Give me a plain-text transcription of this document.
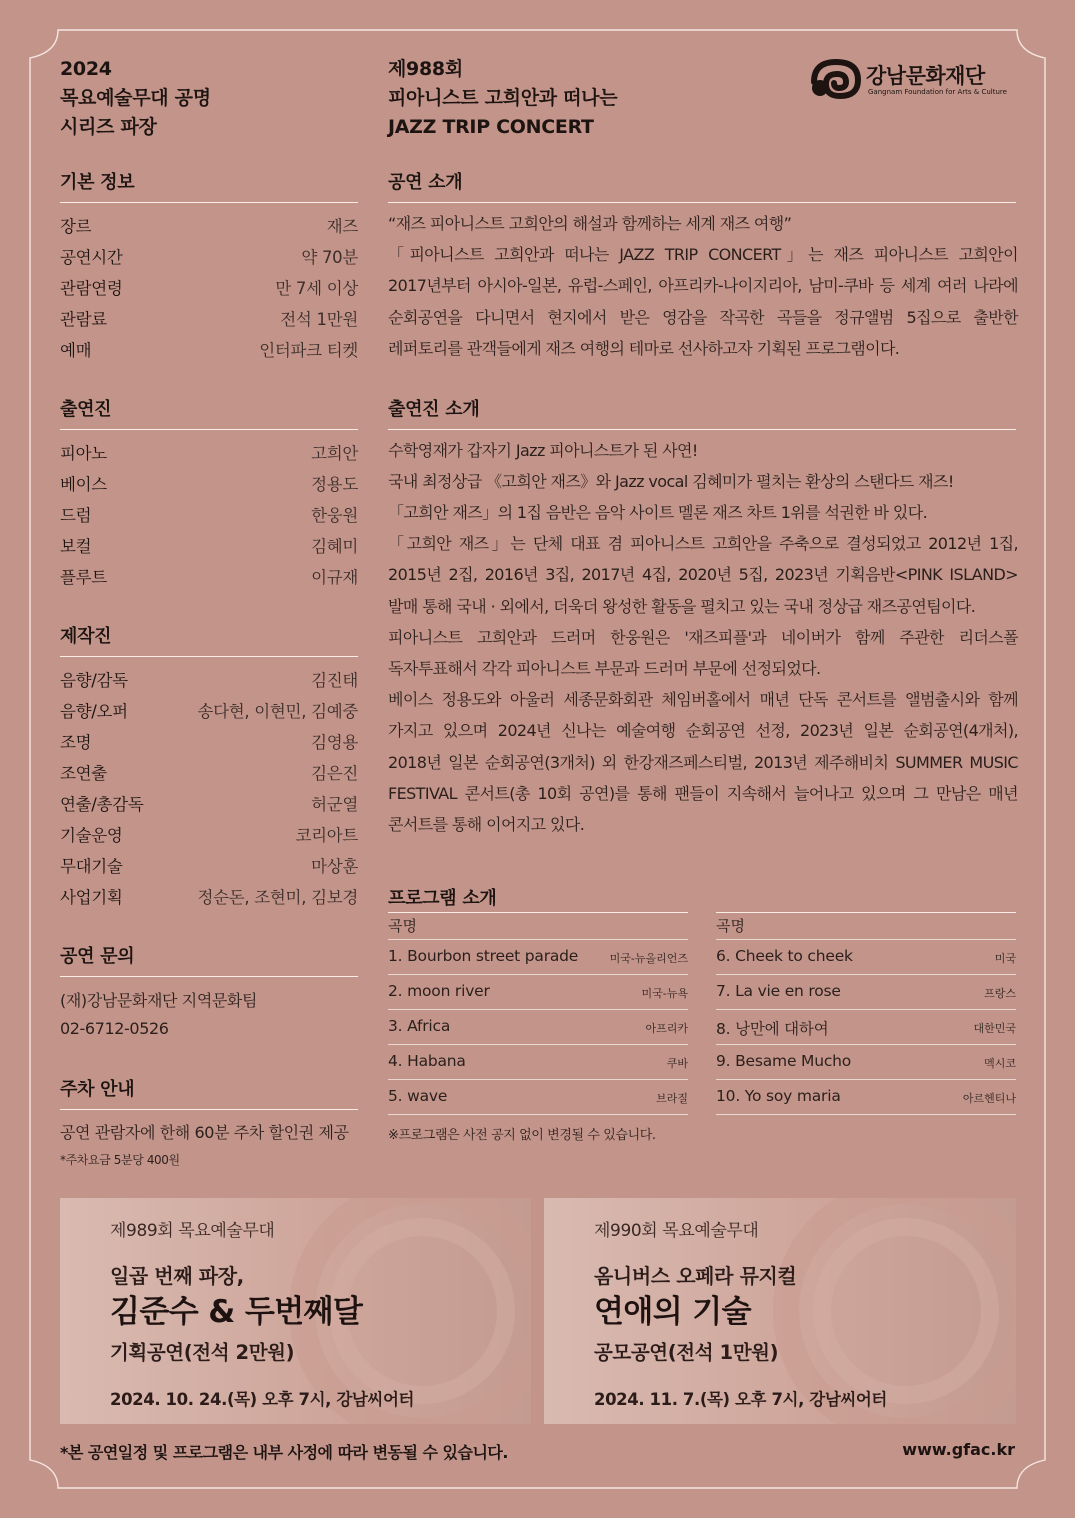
2024
목요예술무대 공명
시리즈 파장
제988회
피아니스트 고희안과 떠나는
JAZZ TRIP CONCERT
강남문화재단
Gangnam Foundation for Arts & Culture
기본 정보
장르	재즈
공연시간	약 70분
관람연령	만 7세 이상
관람료	전석 1만원
예매	인터파크 티켓
출연진
피아노	고희안
베이스	정용도
드럼	한웅원
보컬	김혜미
플루트	이규재
제작진
음향/감독	김진태
음향/오퍼	송다현, 이현민, 김예중
조명	김영용
조연출	김은진
연출/총감독	허군열
기술운영	코리아트
무대기술	마상훈
사업기획	정순돈, 조현미, 김보경
공연 문의
(재)강남문화재단 지역문화팀
02-6712-0526
주차 안내
공연 관람자에 한해 60분 주차 할인권 제공
*주차요금 5분당 400원
공연 소개
“재즈 피아니스트 고희안의 해설과 함께하는 세계 재즈 여행”
「피아니스트 고희안과 떠나는 JAZZ TRIP CONCERT」는 재즈 피아니스트 고희안이 2017년부터 아시아-일본, 유럽-스페인, 아프리카-나이지리아, 남미-쿠바 등 세계 여러 나라에 순회공연을 다니면서 현지에서 받은 영감을 작곡한 곡들을 정규앨범 5집으로 출반한 레퍼토리를 관객들에게 재즈 여행의 테마로 선사하고자 기획된 프로그램이다.
출연진 소개
수학영재가 갑자기 Jazz 피아니스트가 된 사연!
국내 최정상급 《고희안 재즈》와 Jazz vocal 김혜미가 펼치는 환상의 스탠다드 재즈!
「고희안 재즈」의 1집 음반은 음악 사이트 멜론 재즈 차트 1위를 석권한 바 있다.
「고희안 재즈」는 단체 대표 겸 피아니스트 고희안을 주축으로 결성되었고 2012년 1집, 2015년 2집, 2016년 3집, 2017년 4집, 2020년 5집, 2023년 기획음반<PINK ISLAND>발매 통해 국내 · 외에서, 더욱더 왕성한 활동을 펼치고 있는 국내 정상급 재즈공연팀이다.
피아니스트 고희안과 드러머 한웅원은 '재즈피플'과 네이버가 함께 주관한 리더스폴 독자투표해서 각각 피아니스트 부문과 드러머 부문에 선정되었다.
베이스 정용도와 아울러 세종문화회관 체임버홀에서 매년 단독 콘서트를 앨범출시와 함께 가지고 있으며 2024년 신나는 예술여행 순회공연 선정, 2023년 일본 순회공연(4개처), 2018년 일본 순회공연(3개처) 외 한강재즈페스티벌, 2013년 제주해비치 SUMMER MUSIC FESTIVAL 콘서트(총 10회 공연)를 통해 팬들이 지속해서 늘어나고 있으며 그 만남은 매년 콘서트를 통해 이어지고 있다.
프로그램 소개
곡명
1. Bourbon street parade	미국-뉴올리언즈
2. moon river	미국-뉴욕
3. Africa	아프리카
4. Habana	쿠바
5. wave	브라질
곡명
6. Cheek to cheek	미국
7. La vie en rose	프랑스
8. 낭만에 대하여	대한민국
9. Besame Mucho	멕시코
10. Yo soy maria	아르헨티나
※프로그램은 사전 공지 없이 변경될 수 있습니다.
제989회 목요예술무대
일곱 번째 파장,
김준수 & 두번째달
기획공연(전석 2만원)
2024. 10. 24.(목) 오후 7시, 강남씨어터
제990회 목요예술무대
옴니버스 오페라 뮤지컬
연애의 기술
공모공연(전석 1만원)
2024. 11. 7.(목) 오후 7시, 강남씨어터
*본 공연일정 및 프로그램은 내부 사정에 따라 변동될 수 있습니다.	www.gfac.kr
